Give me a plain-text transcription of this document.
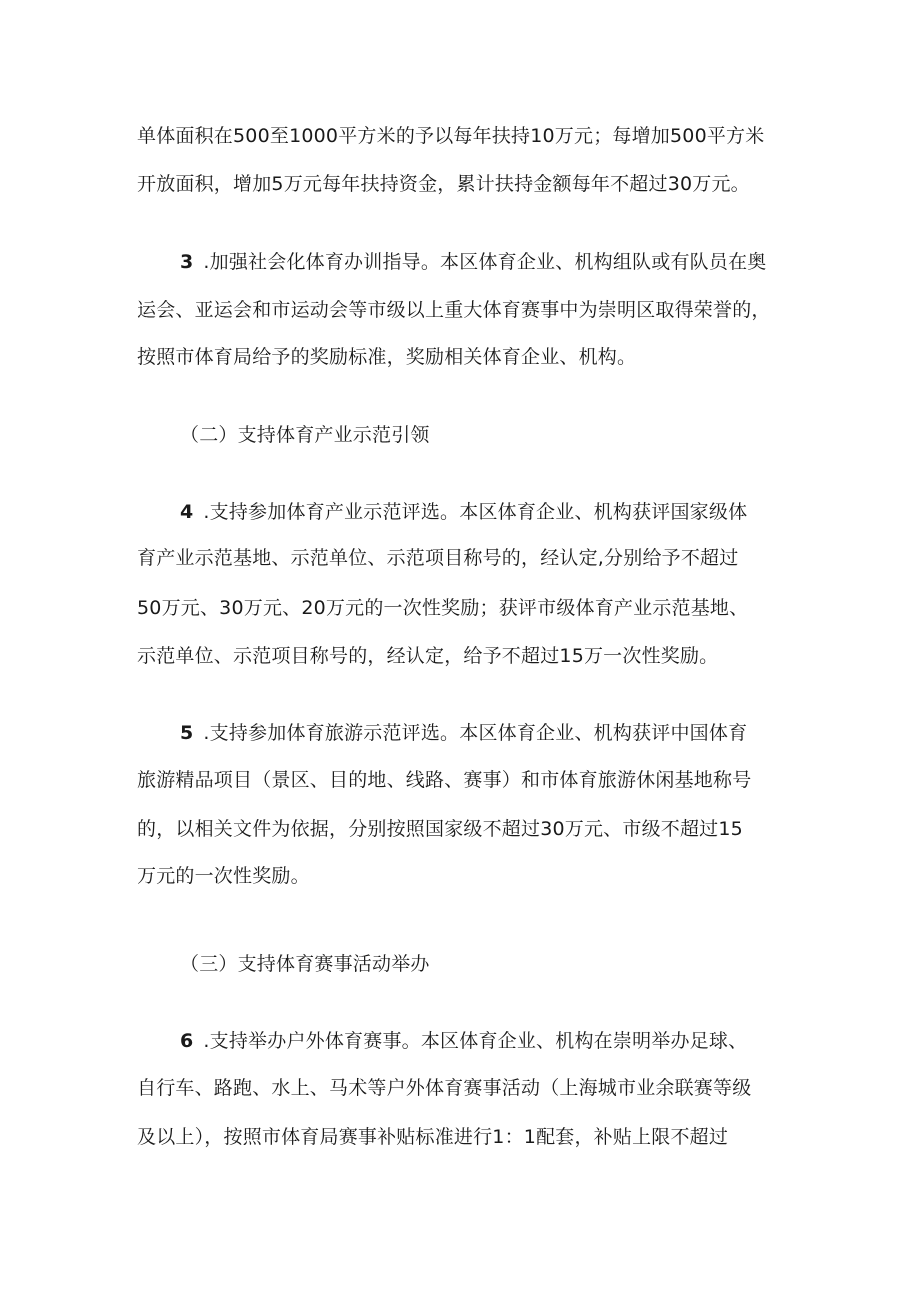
单体面积在500至1000平方米的予以每年扶持10万元；每增加500平方米
开放面积，增加5万元每年扶持资金，累计扶持金额每年不超过30万元。
3 .加强社会化体育办训指导。本区体育企业、机构组队或有队员在奥
运会、亚运会和市运动会等市级以上重大体育赛事中为崇明区取得荣誉的，
按照市体育局给予的奖励标准，奖励相关体育企业、机构。
（二）支持体育产业示范引领
4 .支持参加体育产业示范评选。本区体育企业、机构获评国家级体
育产业示范基地、示范单位、示范项目称号的，经认定,分别给予不超过
50万元、30万元、20万元的一次性奖励；获评市级体育产业示范基地、
示范单位、示范项目称号的，经认定，给予不超过15万一次性奖励。
5 .支持参加体育旅游示范评选。本区体育企业、机构获评中国体育
旅游精品项目（景区、目的地、线路、赛事）和市体育旅游休闲基地称号
的，以相关文件为依据，分别按照国家级不超过30万元、市级不超过15
万元的一次性奖励。
（三）支持体育赛事活动举办
6 .支持举办户外体育赛事。本区体育企业、机构在崇明举办足球、
自行车、路跑、水上、马术等户外体育赛事活动（上海城市业余联赛等级
及以上），按照市体育局赛事补贴标准进行1：1配套，补贴上限不超过
